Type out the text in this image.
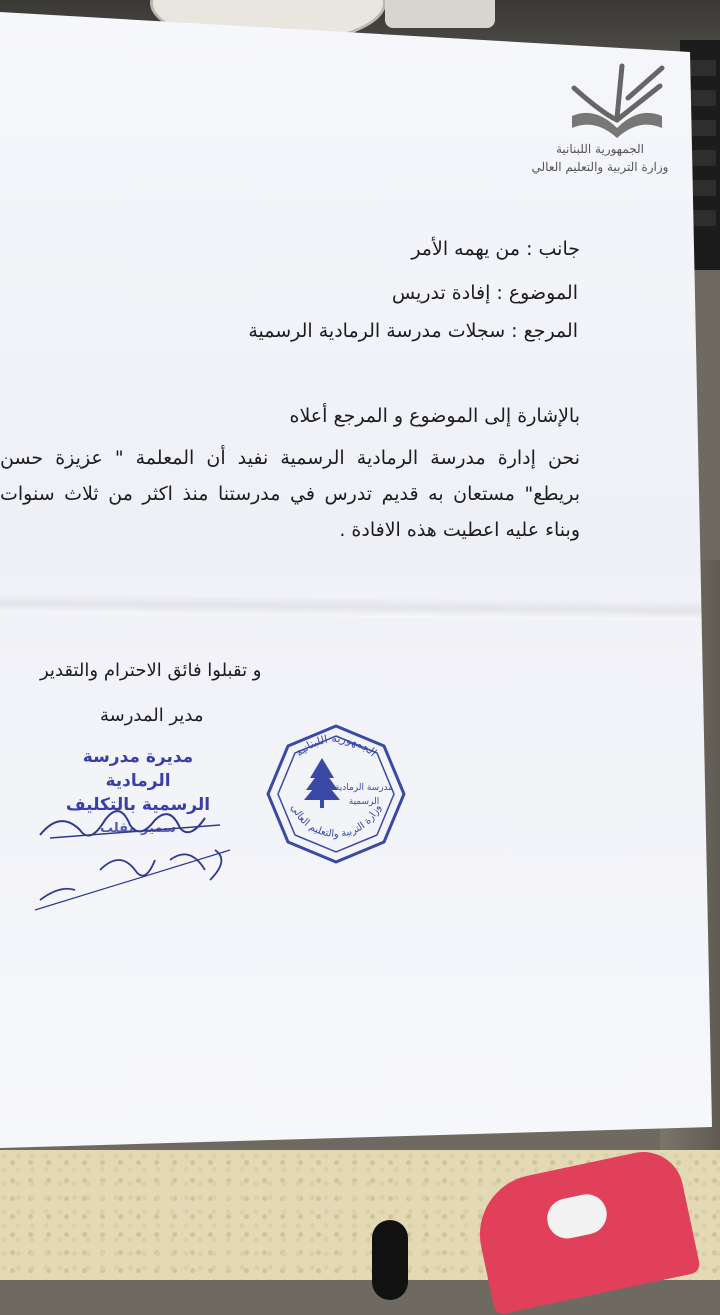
الجمهورية اللبنانية
وزارة التربية والتعليم العالي
جانب : من يهمه الأمر
الموضوع : إفادة تدريس
المرجع : سجلات مدرسة الرمادية الرسمية
بالإشارة إلى الموضوع و المرجع أعلاه
نحن إدارة مدرسة الرمادية الرسمية نفيد أن المعلمة " عزيزة حسن بريطع" مستعان به قديم تدرس في مدرستنا منذ اكثر من ثلاث سنوات وبناء عليه اعطيت هذه الافادة .
و تقبلوا فائق الاحترام والتقدير
مدير المدرسة
مديرة مدرسة الرمادية
الرسمية بالتكليف
سمير مقلب
الجمهورية اللبنانية
وزارة التربية والتعليم العالي
مدرسة الرمادية
الرسمية
